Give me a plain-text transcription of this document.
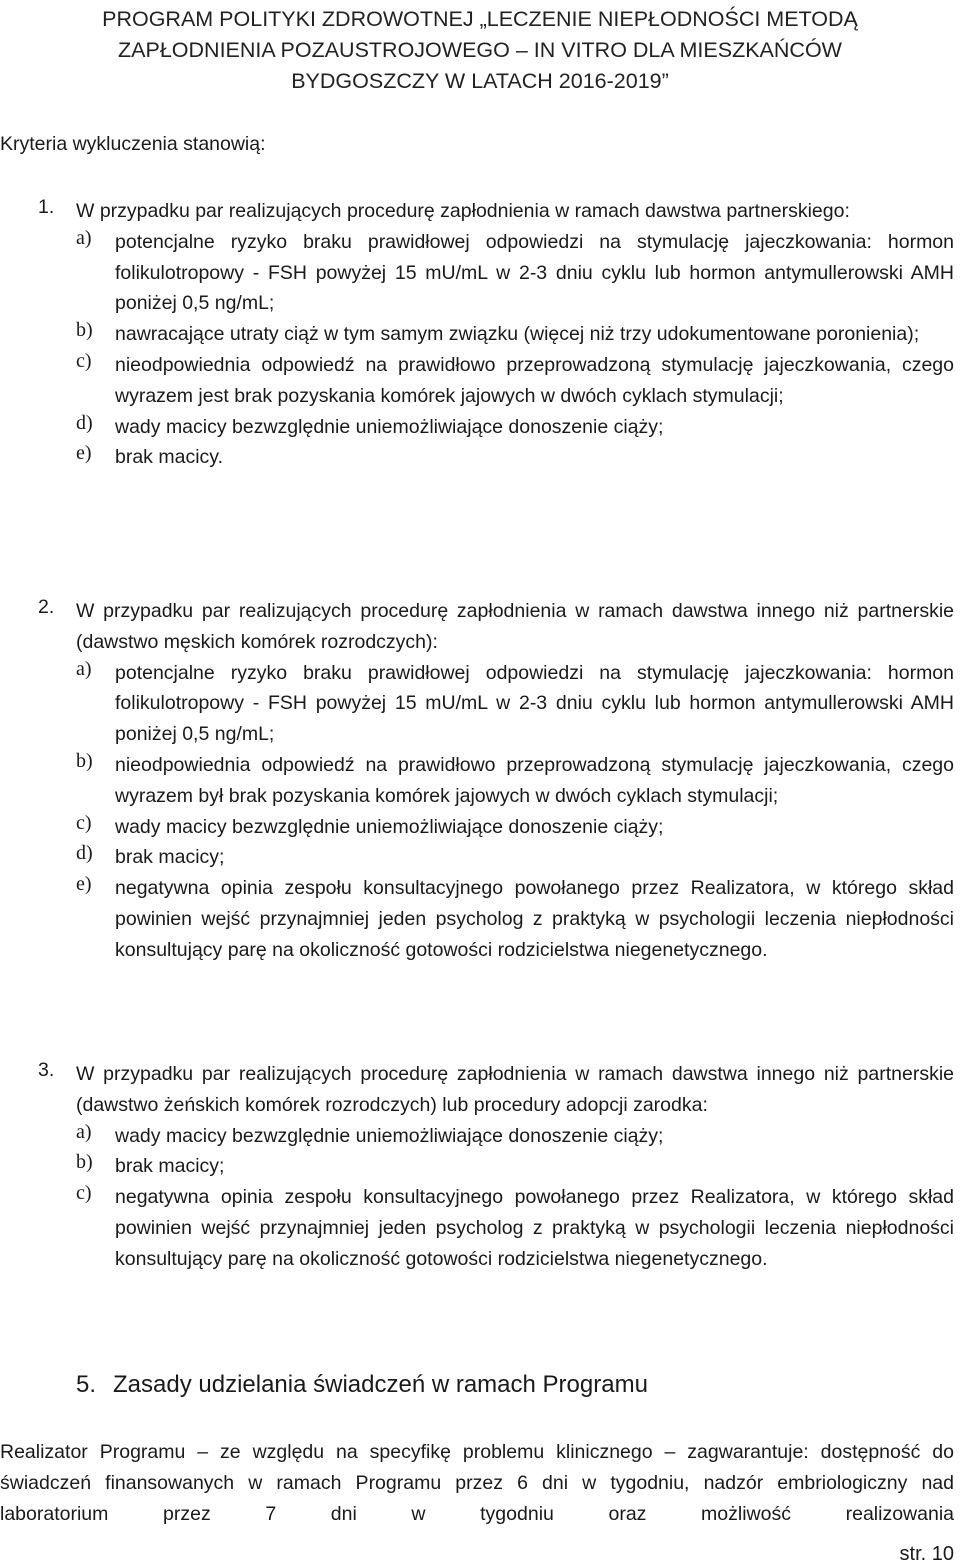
PROGRAM POLITYKI ZDROWOTNEJ „LECZENIE NIEPŁODNOŚCI METODĄ
ZAPŁODNIENIA POZAUSTROJOWEGO – IN VITRO DLA MIESZKAŃCÓW
BYDGOSZCZY W LATACH 2016-2019”
Kryteria wykluczenia stanowią:
1. W przypadku par realizujących procedurę zapłodnienia w ramach dawstwa partnerskiego:
a) potencjalne ryzyko braku prawidłowej odpowiedzi na stymulację jajeczkowania: hormon folikulotropowy - FSH powyżej 15 mU/mL w 2-3 dniu cyklu lub hormon antymullerowski AMH poniżej 0,5 ng/mL;
b) nawracające utraty ciąż w tym samym związku (więcej niż trzy udokumentowane poronienia);
c) nieodpowiednia odpowiedź na prawidłowo przeprowadzoną stymulację jajeczkowania, czego wyrazem jest brak pozyskania komórek jajowych w dwóch cyklach stymulacji;
d) wady macicy bezwzględnie uniemożliwiające donoszenie ciąży;
e) brak macicy.
2. W przypadku par realizujących procedurę zapłodnienia w ramach dawstwa innego niż partnerskie (dawstwo męskich komórek rozrodczych):
a) potencjalne ryzyko braku prawidłowej odpowiedzi na stymulację jajeczkowania: hormon folikulotropowy - FSH powyżej 15 mU/mL w 2-3 dniu cyklu lub hormon antymullerowski AMH poniżej 0,5 ng/mL;
b) nieodpowiednia odpowiedź na prawidłowo przeprowadzoną stymulację jajeczkowania, czego wyrazem był brak pozyskania komórek jajowych w dwóch cyklach stymulacji;
c) wady macicy bezwzględnie uniemożliwiające donoszenie ciąży;
d) brak macicy;
e) negatywna opinia zespołu konsultacyjnego powołanego przez Realizatora, w którego skład powinien wejść przynajmniej jeden psycholog z praktyką w psychologii leczenia niepłodności konsultujący parę na okoliczność gotowości rodzicielstwa niegenetycznego.
3. W przypadku par realizujących procedurę zapłodnienia w ramach dawstwa innego niż partnerskie (dawstwo żeńskich komórek rozrodczych) lub procedury adopcji zarodka:
a) wady macicy bezwzględnie uniemożliwiające donoszenie ciąży;
b) brak macicy;
c) negatywna opinia zespołu konsultacyjnego powołanego przez Realizatora, w którego skład powinien wejść przynajmniej jeden psycholog z praktyką w psychologii leczenia niepłodności konsultujący parę na okoliczność gotowości rodzicielstwa niegenetycznego.
5. Zasady udzielania świadczeń w ramach Programu

Realizator Programu – ze względu na specyfikę problemu klinicznego – zagwarantuje: dostępność do świadczeń finansowanych w ramach Programu przez 6 dni w tygodniu, nadzór embriologiczny nad laboratorium przez 7 dni w tygodniu oraz możliwość realizowania

str. 10
